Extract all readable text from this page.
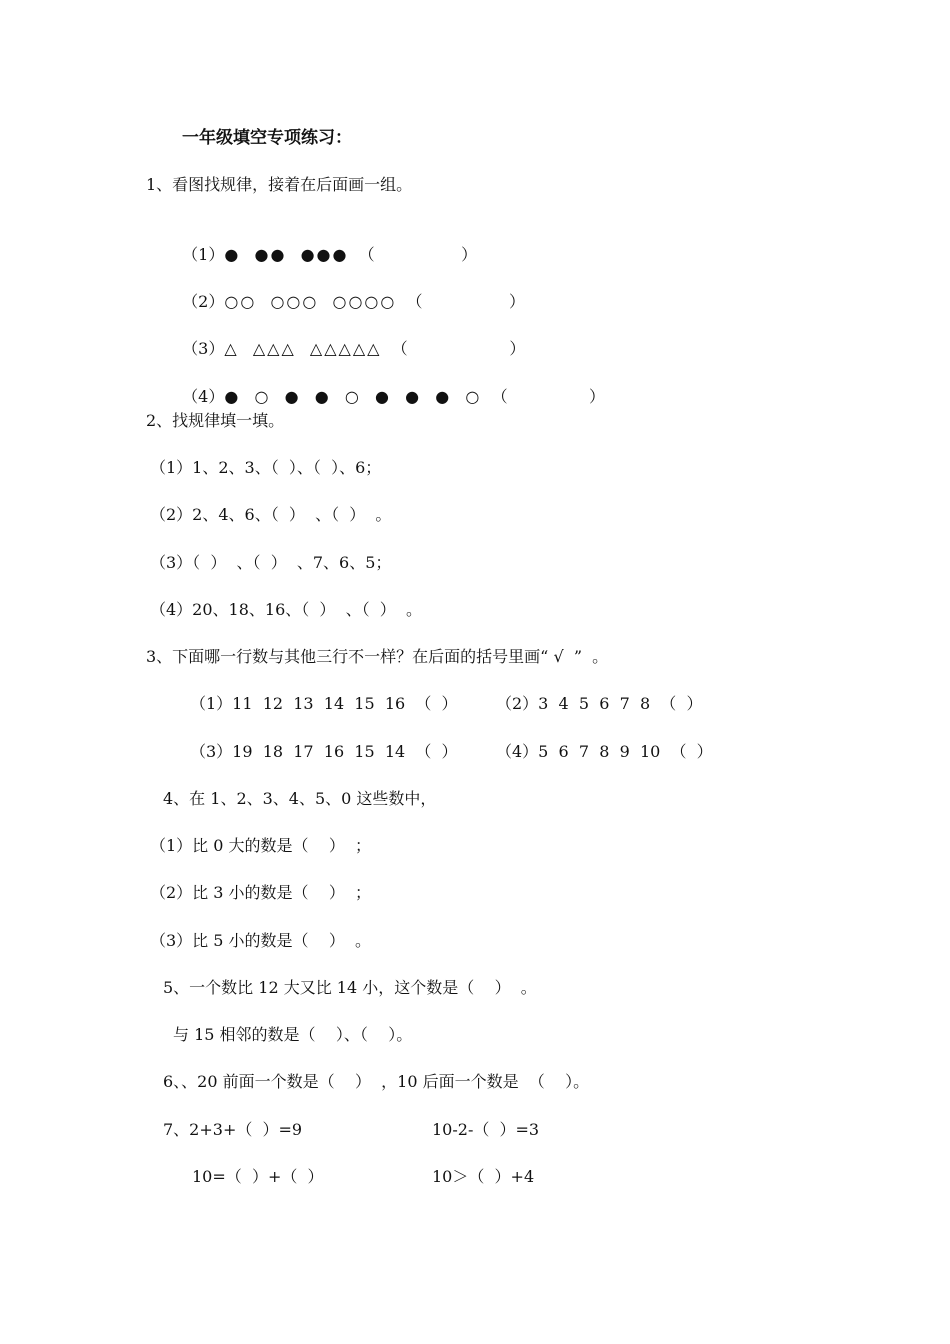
一年级填空专项练习：
1、看图找规律，接着在后面画一组。

（1）●  ●●  ●●● （                 ）

（2）○○  ○○○  ○○○○ （                 ）

（3）△  △△△  △△△△△ （                    ）

（4）●  ○  ●  ●  ○  ●  ●  ●  ○ （                ）

2、找规律填一填。
（1）1、2、3、（  ）、（  ）、6；
（2）2、4、6、（  ）  、（  ）  。
（3）（  ）  、（  ）  、7、6、5；
（4）20、18、16、（  ）  、（  ）  。
3、下面哪一行数与其他三行不一样？在后面的括号里画“ √  ”  。
（1）11  12  13  14  15  16  （  ） （2）3  4  5  6  7  8  （  ）
（3）19  18  17  16  15  14  （  ） （4）5  6  7  8  9  10  （  ）
4、在 1、2、3、4、5、0 这些数中，
（1）比 0 大的数是（    ）  ；
（2）比 3 小的数是（    ）  ；
（3）比 5 小的数是（    ）  。
5、一个数比 12 大又比 14 小，这个数是（    ）  。
与 15 相邻的数是（    ）、（    ）。
6、、20 前面一个数是（    ）  ，10 后面一个数是  （    ）。
7、2+3+（  ）=9	10-2-（  ）=3
10=（  ）+（  ）	10＞（  ）+4
